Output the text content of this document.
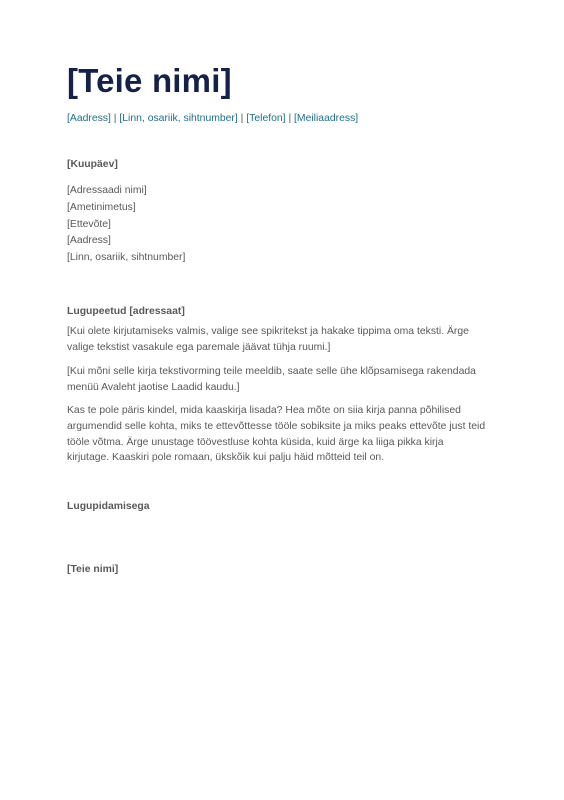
[Teie nimi]
[Aadress] | [Linn, osariik, sihtnumber] | [Telefon] | [Meiliaadress]
[Kuupäev]
[Adressaadi nimi]
[Ametinimetus]
[Ettevõte]
[Aadress]
[Linn, osariik, sihtnumber]
Lugupeetud [adressaat]
[Kui olete kirjutamiseks valmis, valige see spikritekst ja hakake tippima oma teksti. Ärge valige tekstist vasakule ega paremale jäävat tühja ruumi.]
[Kui mõni selle kirja tekstivorming teile meeldib, saate selle ühe klõpsamisega rakendada menüü Avaleht jaotise Laadid kaudu.]
Kas te pole päris kindel, mida kaaskirja lisada? Hea mõte on siia kirja panna põhilised argumendid selle kohta, miks te ettevõttesse tööle sobiksite ja miks peaks ettevõte just teid tööle võtma. Ärge unustage töövestluse kohta küsida, kuid ärge ka liiga pikka kirja kirjutage. Kaaskiri pole romaan, ükskõik kui palju häid mõtteid teil on.
Lugupidamisega
[Teie nimi]
